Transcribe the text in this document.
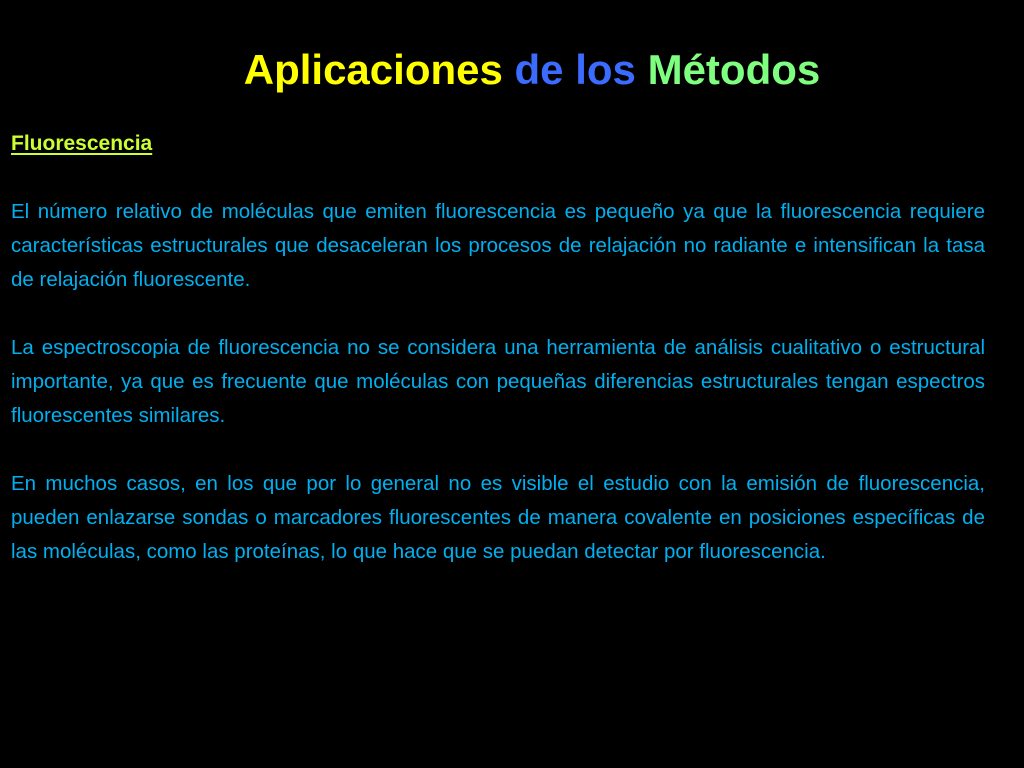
Aplicaciones de los Métodos
Fluorescencia

El número relativo de moléculas que emiten fluorescencia es pequeño ya que la fluorescencia requiere características estructurales que desaceleran los procesos de relajación no radiante e intensifican la tasa de relajación fluorescente.

La espectroscopia de fluorescencia no se considera una herramienta de análisis cualitativo o estructural importante, ya que es frecuente que moléculas con pequeñas diferencias estructurales tengan espectros fluorescentes similares.

En muchos casos, en los que por lo general no es visible el estudio con la emisión de fluorescencia, pueden enlazarse sondas o marcadores fluorescentes de manera covalente en posiciones específicas de las moléculas, como las proteínas, lo que hace que se puedan detectar por fluorescencia.
